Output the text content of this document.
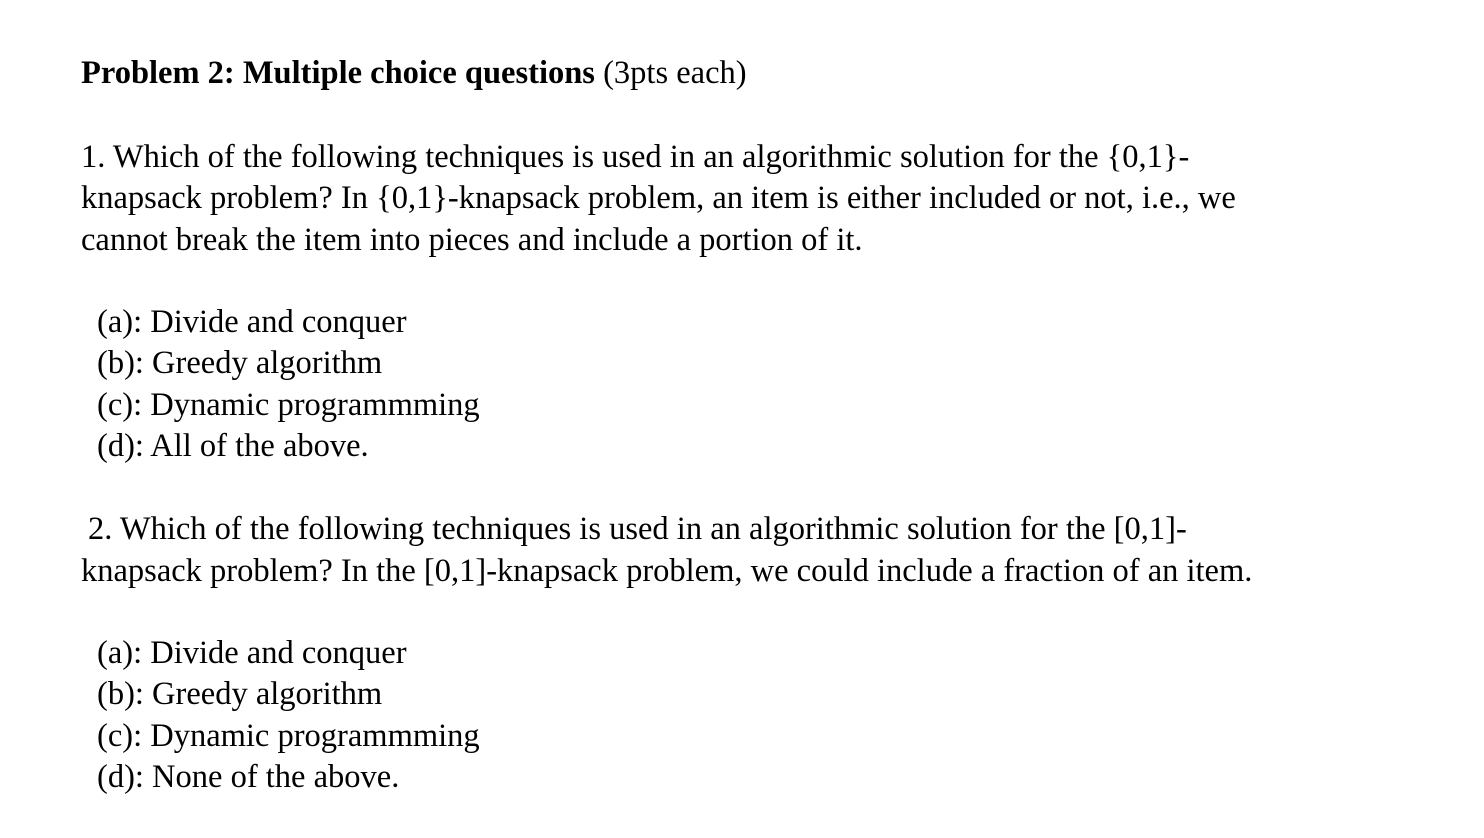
Problem 2: Multiple choice questions (3pts each)
1. Which of the following techniques is used in an algorithmic solution for the {0,1}-
knapsack problem? In {0,1}-knapsack problem, an item is either included or not, i.e., we
cannot break the item into pieces and include a portion of it.
(a): Divide and conquer
(b): Greedy algorithm
(c): Dynamic programmming
(d): All of the above.
2. Which of the following techniques is used in an algorithmic solution for the [0,1]-
knapsack problem? In the [0,1]-knapsack problem, we could include a fraction of an item.
(a): Divide and conquer
(b): Greedy algorithm
(c): Dynamic programmming
(d): None of the above.
